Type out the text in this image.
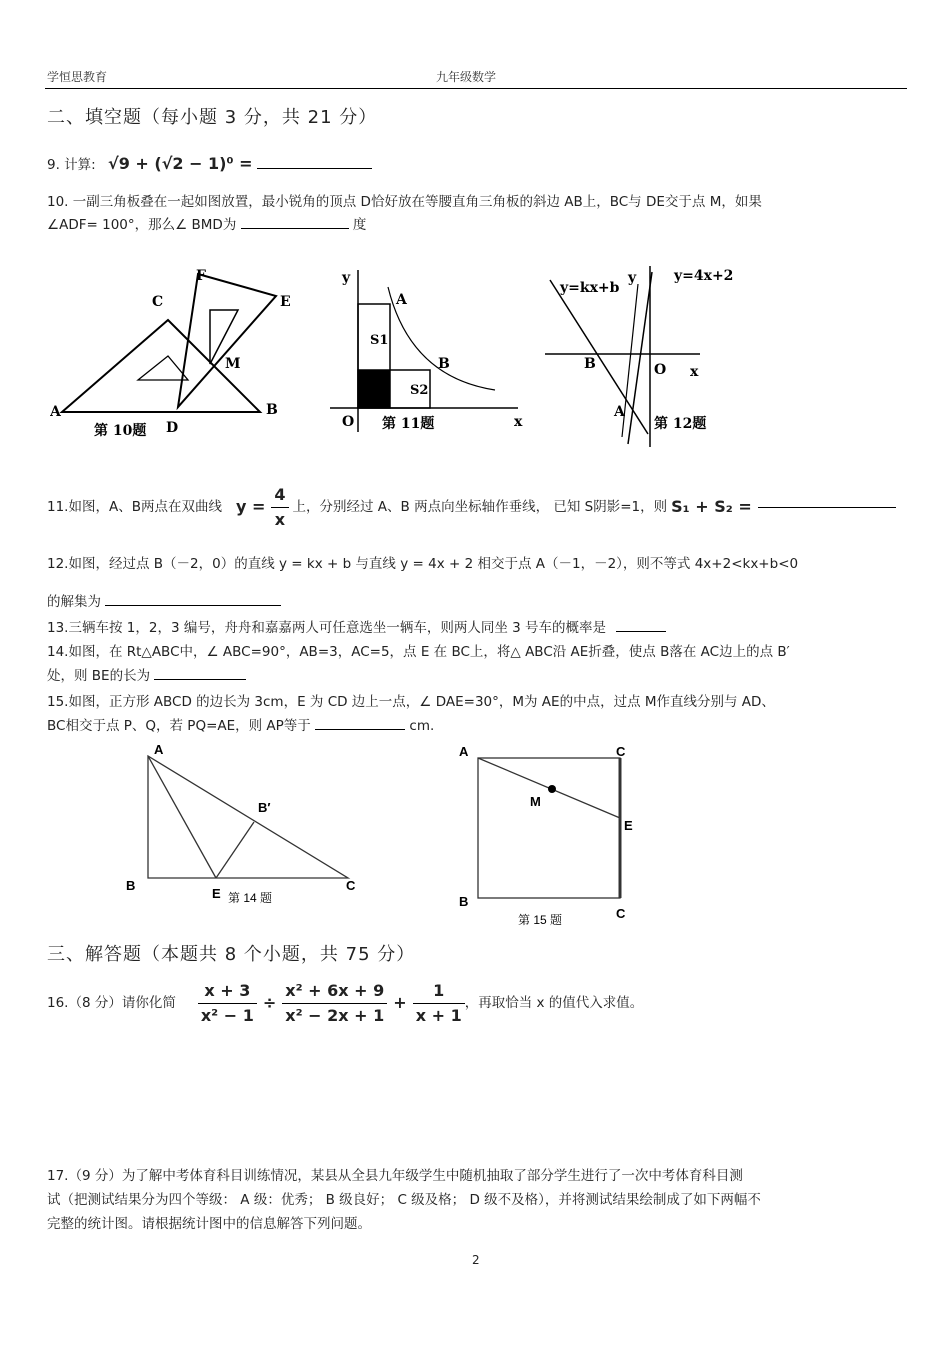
学恒思教育	九年级数学
二、填空题（每小题 3 分，共 21 分）
9. 计算: √9 + (√2 − 1)⁰ =
10. 一副三角板叠在一起如图放置，最小锐角的顶点 D恰好放在等腰直角三角板的斜边 AB上，BC与 DE交于点 M，如果
∠ADF= 100°，那么∠ BMD为	度
A	B
C
D
E
F
M
第 10题
y
x
O
A
B
S1
S2
第 11题
y=kx+b
y=4x+2
y
x
B	O
A
第 12题
11.如图，A、B两点在双曲线 $y = \frac{4}{x}$ 上，分别经过 A、B 两点向坐标轴作垂线， 已知 S阴影=1，则 S₁ + S₂ =
12.如图，经过点 B（－2，0）的直线 y = kx + b 与直线 y = 4x + 2 相交于点 A（－1，－2），则不等式 4x+2<kx+b<0
的解集为
13.三辆车按 1，2，3 编号，舟舟和嘉嘉两人可任意选坐一辆车，则两人同坐 3 号车的概率是
14.如图，在 Rt△ABC中，∠ ABC=90°，AB=3，AC=5，点 E 在 BC上，将△ ABC沿 AE折叠，使点 B落在 AC边上的点 B′
处，则 BE的长为
15.如图，正方形 ABCD 的边长为 3cm，E 为 CD 边上一点，∠ DAE=30°，M为 AE的中点，过点 M作直线分别与 AD、
BC相交于点 P、Q，若 PQ=AE，则 AP等于	cm.
A
B′
B
E
C
第 14 题
A	C
M
E
B
C
第 15 题
三、解答题（本题共 8 个小题，共 75 分）
16.（8 分）请你化简 $\frac{x + 3}{\text{x² − 1}} \div \frac{\text{x² + 6x + 9}}{\text{x² − 2x + 1}} + \frac{1}{x + 1}$ ，再取恰当 x 的值代入求值。
17.（9 分）为了解中考体育科目训练情况，某县从全县九年级学生中随机抽取了部分学生进行了一次中考体育科目测
试（把测试结果分为四个等级： A 级：优秀； B 级良好； C 级及格； D 级不及格），并将测试结果绘制成了如下两幅不
完整的统计图。请根据统计图中的信息解答下列问题。
2
